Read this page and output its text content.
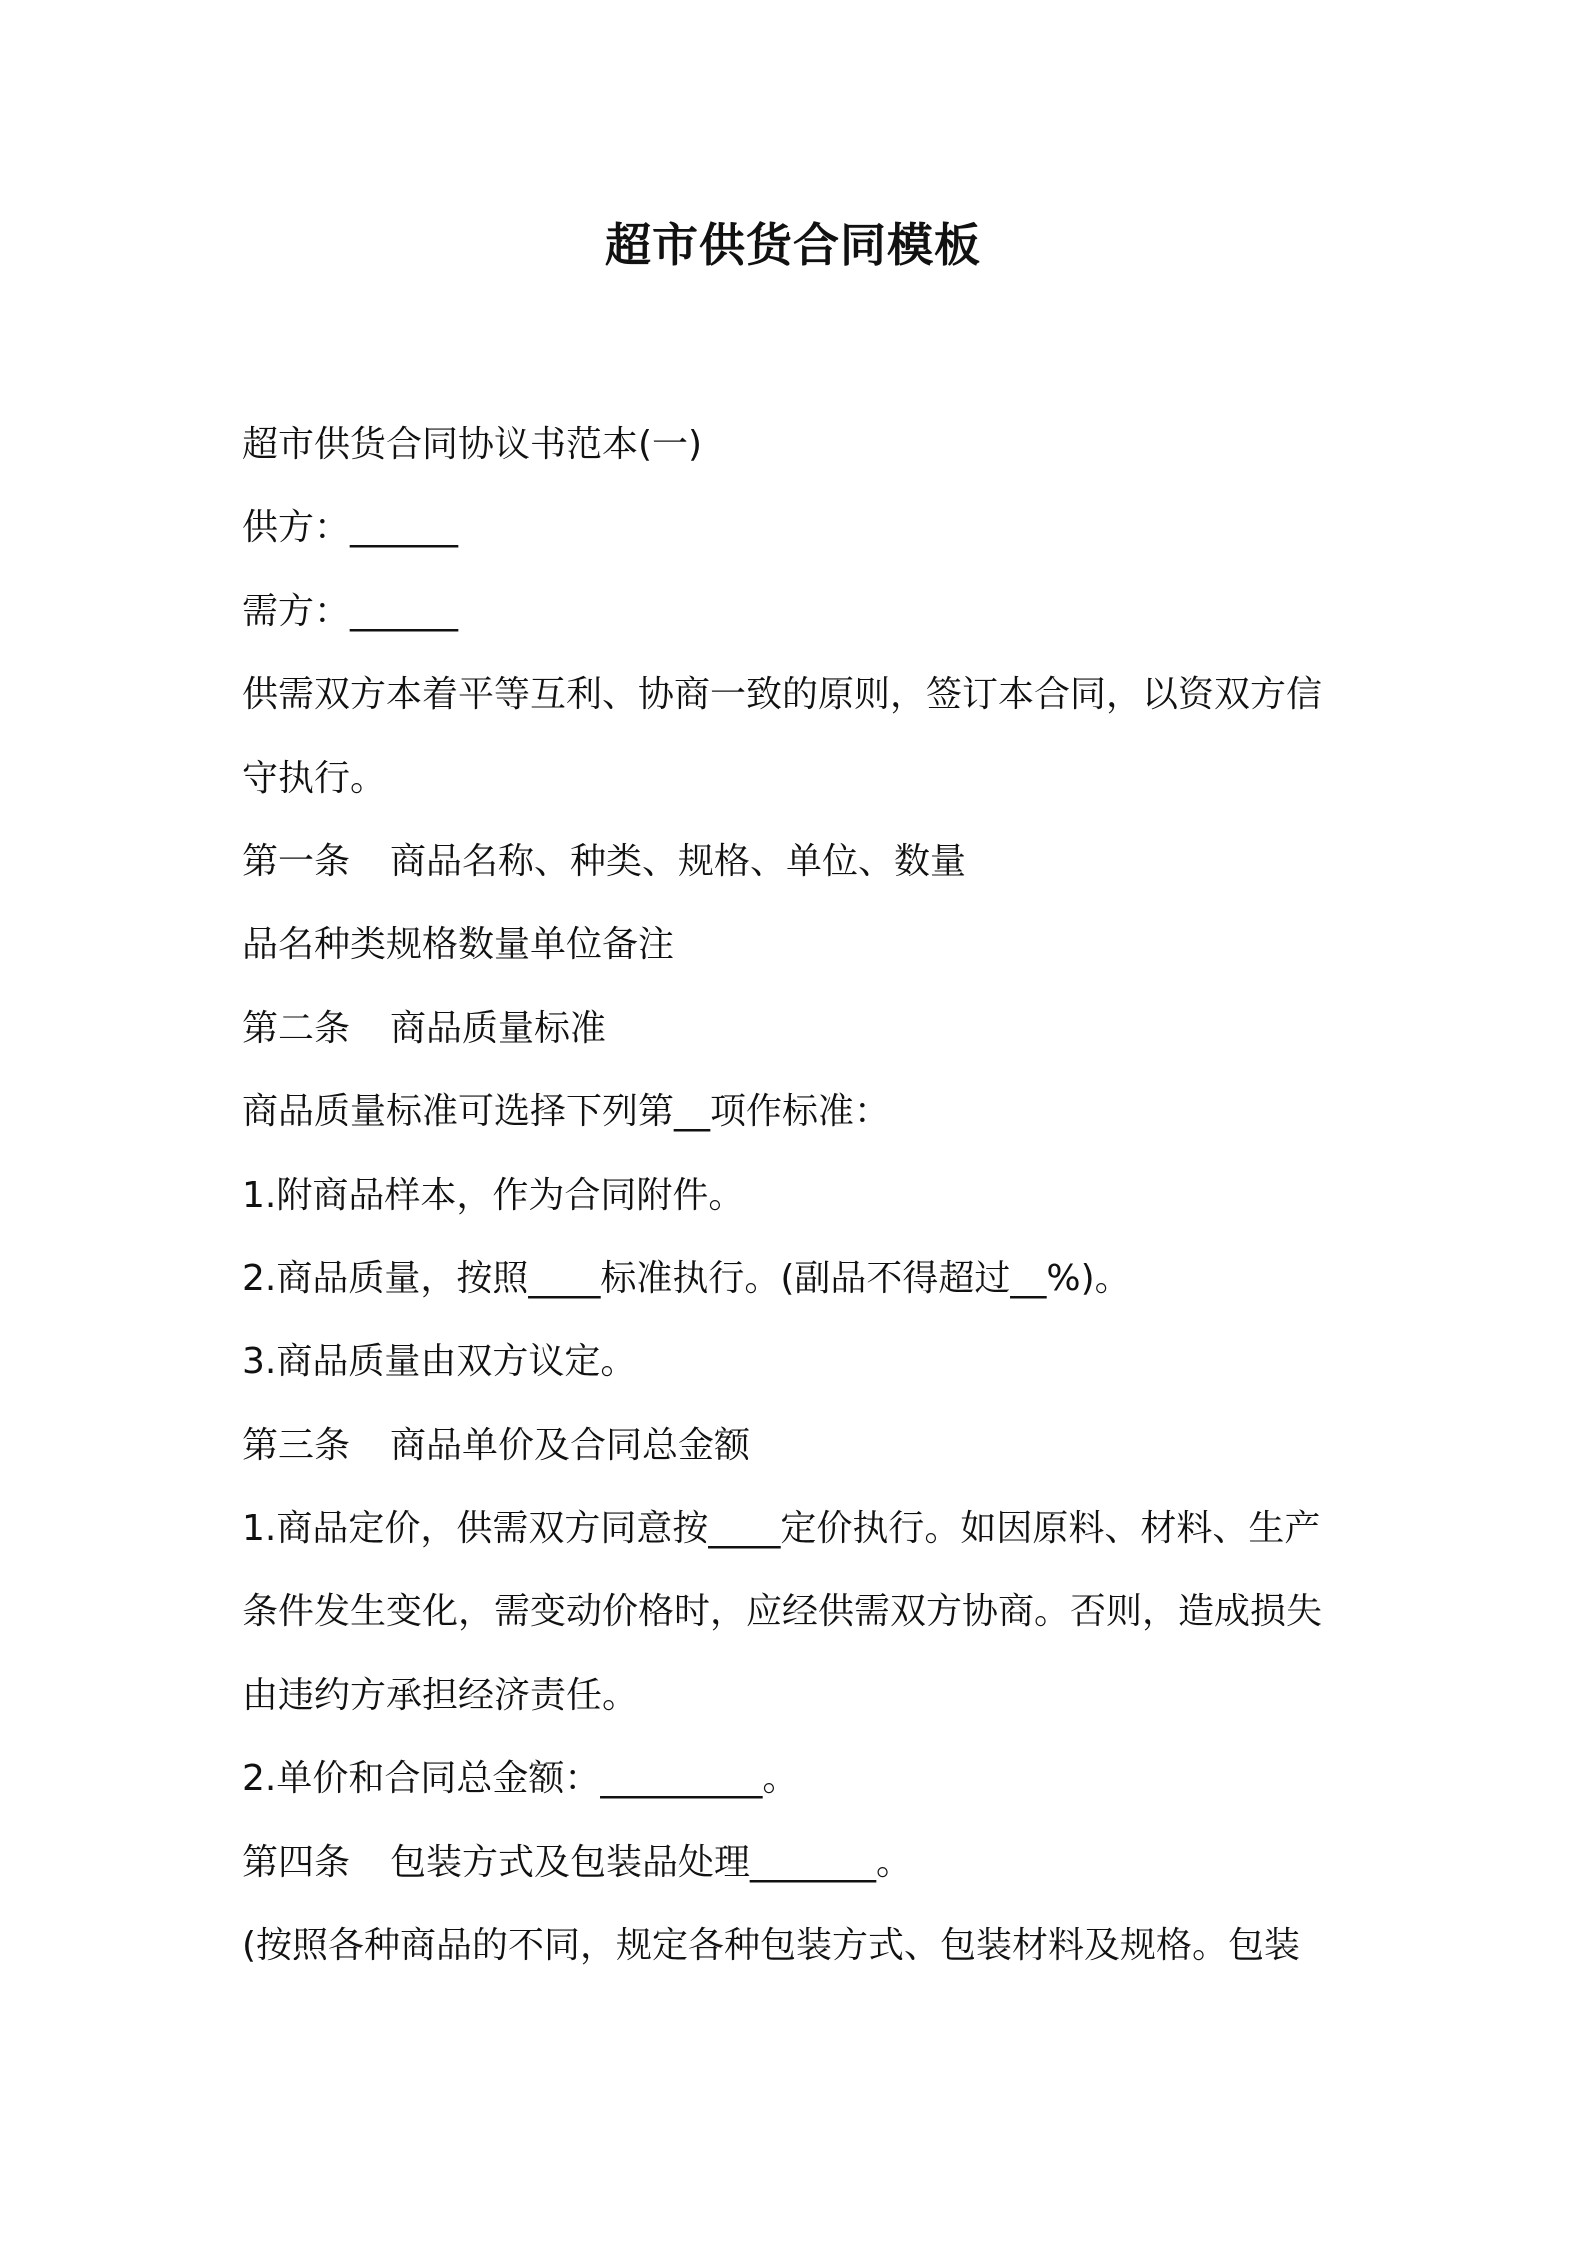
超市供货合同模板
超市供货合同协议书范本(一)
供方：______
需方：______
供需双方本着平等互利、协商一致的原则，签订本合同，以资双方信
守执行。
第一条 商品名称、种类、规格、单位、数量
品名种类规格数量单位备注
第二条 商品质量标准
商品质量标准可选择下列第__项作标准：
1.附商品样本，作为合同附件。
2.商品质量，按照____标准执行。(副品不得超过__%)。
3.商品质量由双方议定。
第三条 商品单价及合同总金额
1.商品定价，供需双方同意按____定价执行。如因原料、材料、生产
条件发生变化，需变动价格时，应经供需双方协商。否则，造成损失
由违约方承担经济责任。
2.单价和合同总金额：_________。
第四条 包装方式及包装品处理_______。
(按照各种商品的不同，规定各种包装方式、包装材料及规格。包装
